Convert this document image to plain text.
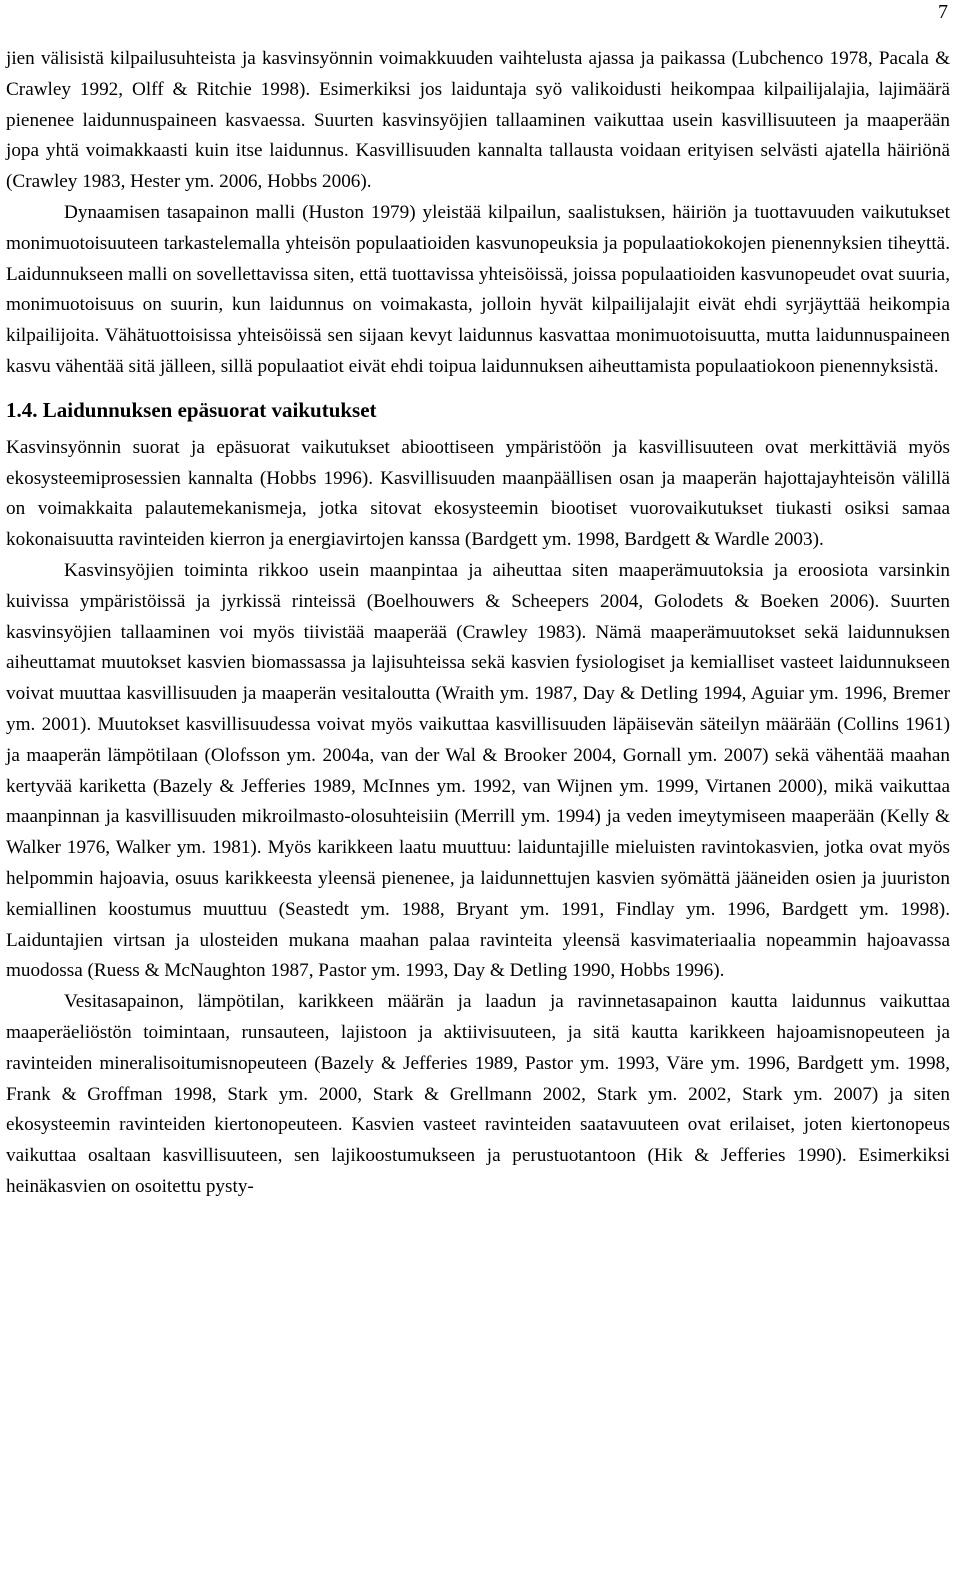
7

jien välisistä kilpailusuhteista ja kasvinsyönnin voimakkuuden vaihtelusta ajassa ja paikassa (Lubchenco 1978, Pacala & Crawley 1992, Olff & Ritchie 1998). Esimerkiksi jos laiduntaja syö valikoidusti heikompaa kilpailijalajia, lajimäärä pienenee laidunnuspaineen kasvaessa. Suurten kasvinsyöjien tallaaminen vaikuttaa usein kasvillisuuteen ja maaperään jopa yhtä voimakkaasti kuin itse laidunnus. Kasvillisuuden kannalta tallausta voidaan erityisen selvästi ajatella häiriönä (Crawley 1983, Hester ym. 2006, Hobbs 2006).

Dynaamisen tasapainon malli (Huston 1979) yleistää kilpailun, saalistuksen, häiriön ja tuottavuuden vaikutukset monimuotoisuuteen tarkastelemalla yhteisön populaatioiden kasvunopeuksia ja populaatiokokojen pienennyksien tiheyttä. Laidunnukseen malli on sovellettavissa siten, että tuottavissa yhteisöissä, joissa populaatioiden kasvunopeudet ovat suuria, monimuotoisuus on suurin, kun laidunnus on voimakasta, jolloin hyvät kilpailijalajit eivät ehdi syrjäyttää heikompia kilpailijoita. Vähätuottoisissa yhteisöissä sen sijaan kevyt laidunnus kasvattaa monimuotoisuutta, mutta laidunnuspaineen kasvu vähentää sitä jälleen, sillä populaatiot eivät ehdi toipua laidunnuksen aiheuttamista populaatiokoon pienennyksistä.

1.4. Laidunnuksen epäsuorat vaikutukset

Kasvinsyönnin suorat ja epäsuorat vaikutukset abioottiseen ympäristöön ja kasvillisuuteen ovat merkittäviä myös ekosysteemiprosessien kannalta (Hobbs 1996). Kasvillisuuden maanpäällisen osan ja maaperän hajottajayhteisön välillä on voimakkaita palautemekanismeja, jotka sitovat ekosysteemin biootiset vuorovaikutukset tiukasti osiksi samaa kokonaisuutta ravinteiden kierron ja energiavirtojen kanssa (Bardgett ym. 1998, Bardgett & Wardle 2003).

Kasvinsyöjien toiminta rikkoo usein maanpintaa ja aiheuttaa siten maaperämuutoksia ja eroosiota varsinkin kuivissa ympäristöissä ja jyrkissä rinteissä (Boelhouwers & Scheepers 2004, Golodets & Boeken 2006). Suurten kasvinsyöjien tallaaminen voi myös tiivistää maaperää (Crawley 1983). Nämä maaperämuutokset sekä laidunnuksen aiheuttamat muutokset kasvien biomassassa ja lajisuhteissa sekä kasvien fysiologiset ja kemialliset vasteet laidunnukseen voivat muuttaa kasvillisuuden ja maaperän vesitaloutta (Wraith ym. 1987, Day & Detling 1994, Aguiar ym. 1996, Bremer ym. 2001). Muutokset kasvillisuudessa voivat myös vaikuttaa kasvillisuuden läpäisevän säteilyn määrään (Collins 1961) ja maaperän lämpötilaan (Olofsson ym. 2004a, van der Wal & Brooker 2004, Gornall ym. 2007) sekä vähentää maahan kertyvää kariketta (Bazely & Jefferies 1989, McInnes ym. 1992, van Wijnen ym. 1999, Virtanen 2000), mikä vaikuttaa maanpinnan ja kasvillisuuden mikroilmasto-olosuhteisiin (Merrill ym. 1994) ja veden imeytymiseen maaperään (Kelly & Walker 1976, Walker ym. 1981). Myös karikkeen laatu muuttuu: laiduntajille mieluisten ravintokasvien, jotka ovat myös helpommin hajoavia, osuus karikkeesta yleensä pienenee, ja laidunnettujen kasvien syömättä jääneiden osien ja juuriston kemiallinen koostumus muuttuu (Seastedt ym. 1988, Bryant ym. 1991, Findlay ym. 1996, Bardgett ym. 1998). Laiduntajien virtsan ja ulosteiden mukana maahan palaa ravinteita yleensä kasvimateriaalia nopeammin hajoavassa muodossa (Ruess & McNaughton 1987, Pastor ym. 1993, Day & Detling 1990, Hobbs 1996).

Vesitasapainon, lämpötilan, karikkeen määrän ja laadun ja ravinnetasapainon kautta laidunnus vaikuttaa maaperäeliöstön toimintaan, runsauteen, lajistoon ja aktiivisuuteen, ja sitä kautta karikkeen hajoamisnopeuteen ja ravinteiden mineralisoitumisnopeuteen (Bazely & Jefferies 1989, Pastor ym. 1993, Väre ym. 1996, Bardgett ym. 1998, Frank & Groffman 1998, Stark ym. 2000, Stark & Grellmann 2002, Stark ym. 2002, Stark ym. 2007) ja siten ekosysteemin ravinteiden kiertonopeuteen. Kasvien vasteet ravinteiden saatavuuteen ovat erilaiset, joten kiertonopeus vaikuttaa osaltaan kasvillisuuteen, sen lajikoostumukseen ja perustuotantoon (Hik & Jefferies 1990). Esimerkiksi heinäkasvien on osoitettu pysty-
